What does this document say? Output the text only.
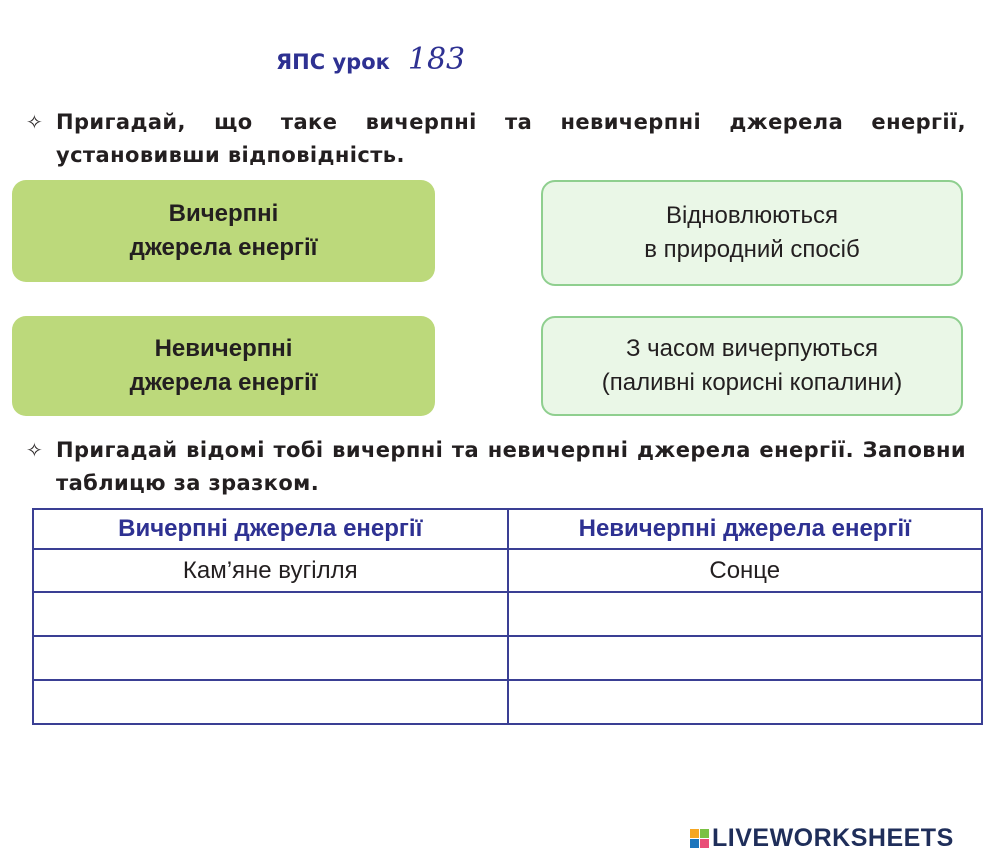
ЯПС урок 183
✧ Пригадай, що таке вичерпні та невичерпні джерела енергії, установивши відповідність.
Вичерпні
джерела енергії
Невичерпні
джерела енергії
Відновлюються
в природний спосіб
З часом вичерпуються
(паливні корисні копалини)
✧ Пригадай відомі тобі вичерпні та невичерпні джерела енергії. Заповни таблицю за зразком.
Вичерпні джерела енергії	Невичерпні джерела енергії
Кам’яне вугілля	Сонце

LIVEWORKSHEETS
